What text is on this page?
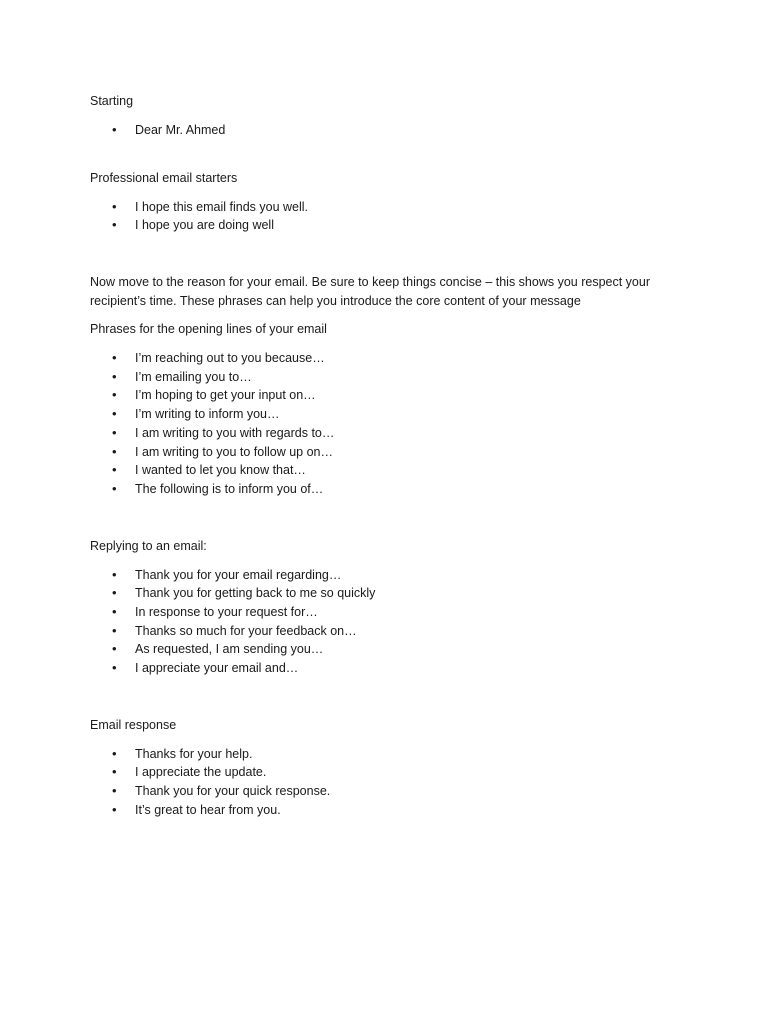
Starting

• Dear Mr. Ahmed

Professional email starters

• I hope this email finds you well.
• I hope you are doing well

Now move to the reason for your email. Be sure to keep things concise – this shows you respect your recipient’s time. These phrases can help you introduce the core content of your message

Phrases for the opening lines of your email

• I’m reaching out to you because…
• I’m emailing you to…
• I’m hoping to get your input on…
• I’m writing to inform you…
• I am writing to you with regards to…
• I am writing to you to follow up on…
• I wanted to let you know that…
• The following is to inform you of…

Replying to an email:

• Thank you for your email regarding…
• Thank you for getting back to me so quickly
• In response to your request for…
• Thanks so much for your feedback on…
• As requested, I am sending you…
• I appreciate your email and…

Email response

• Thanks for your help.
• I appreciate the update.
• Thank you for your quick response.
• It’s great to hear from you.
